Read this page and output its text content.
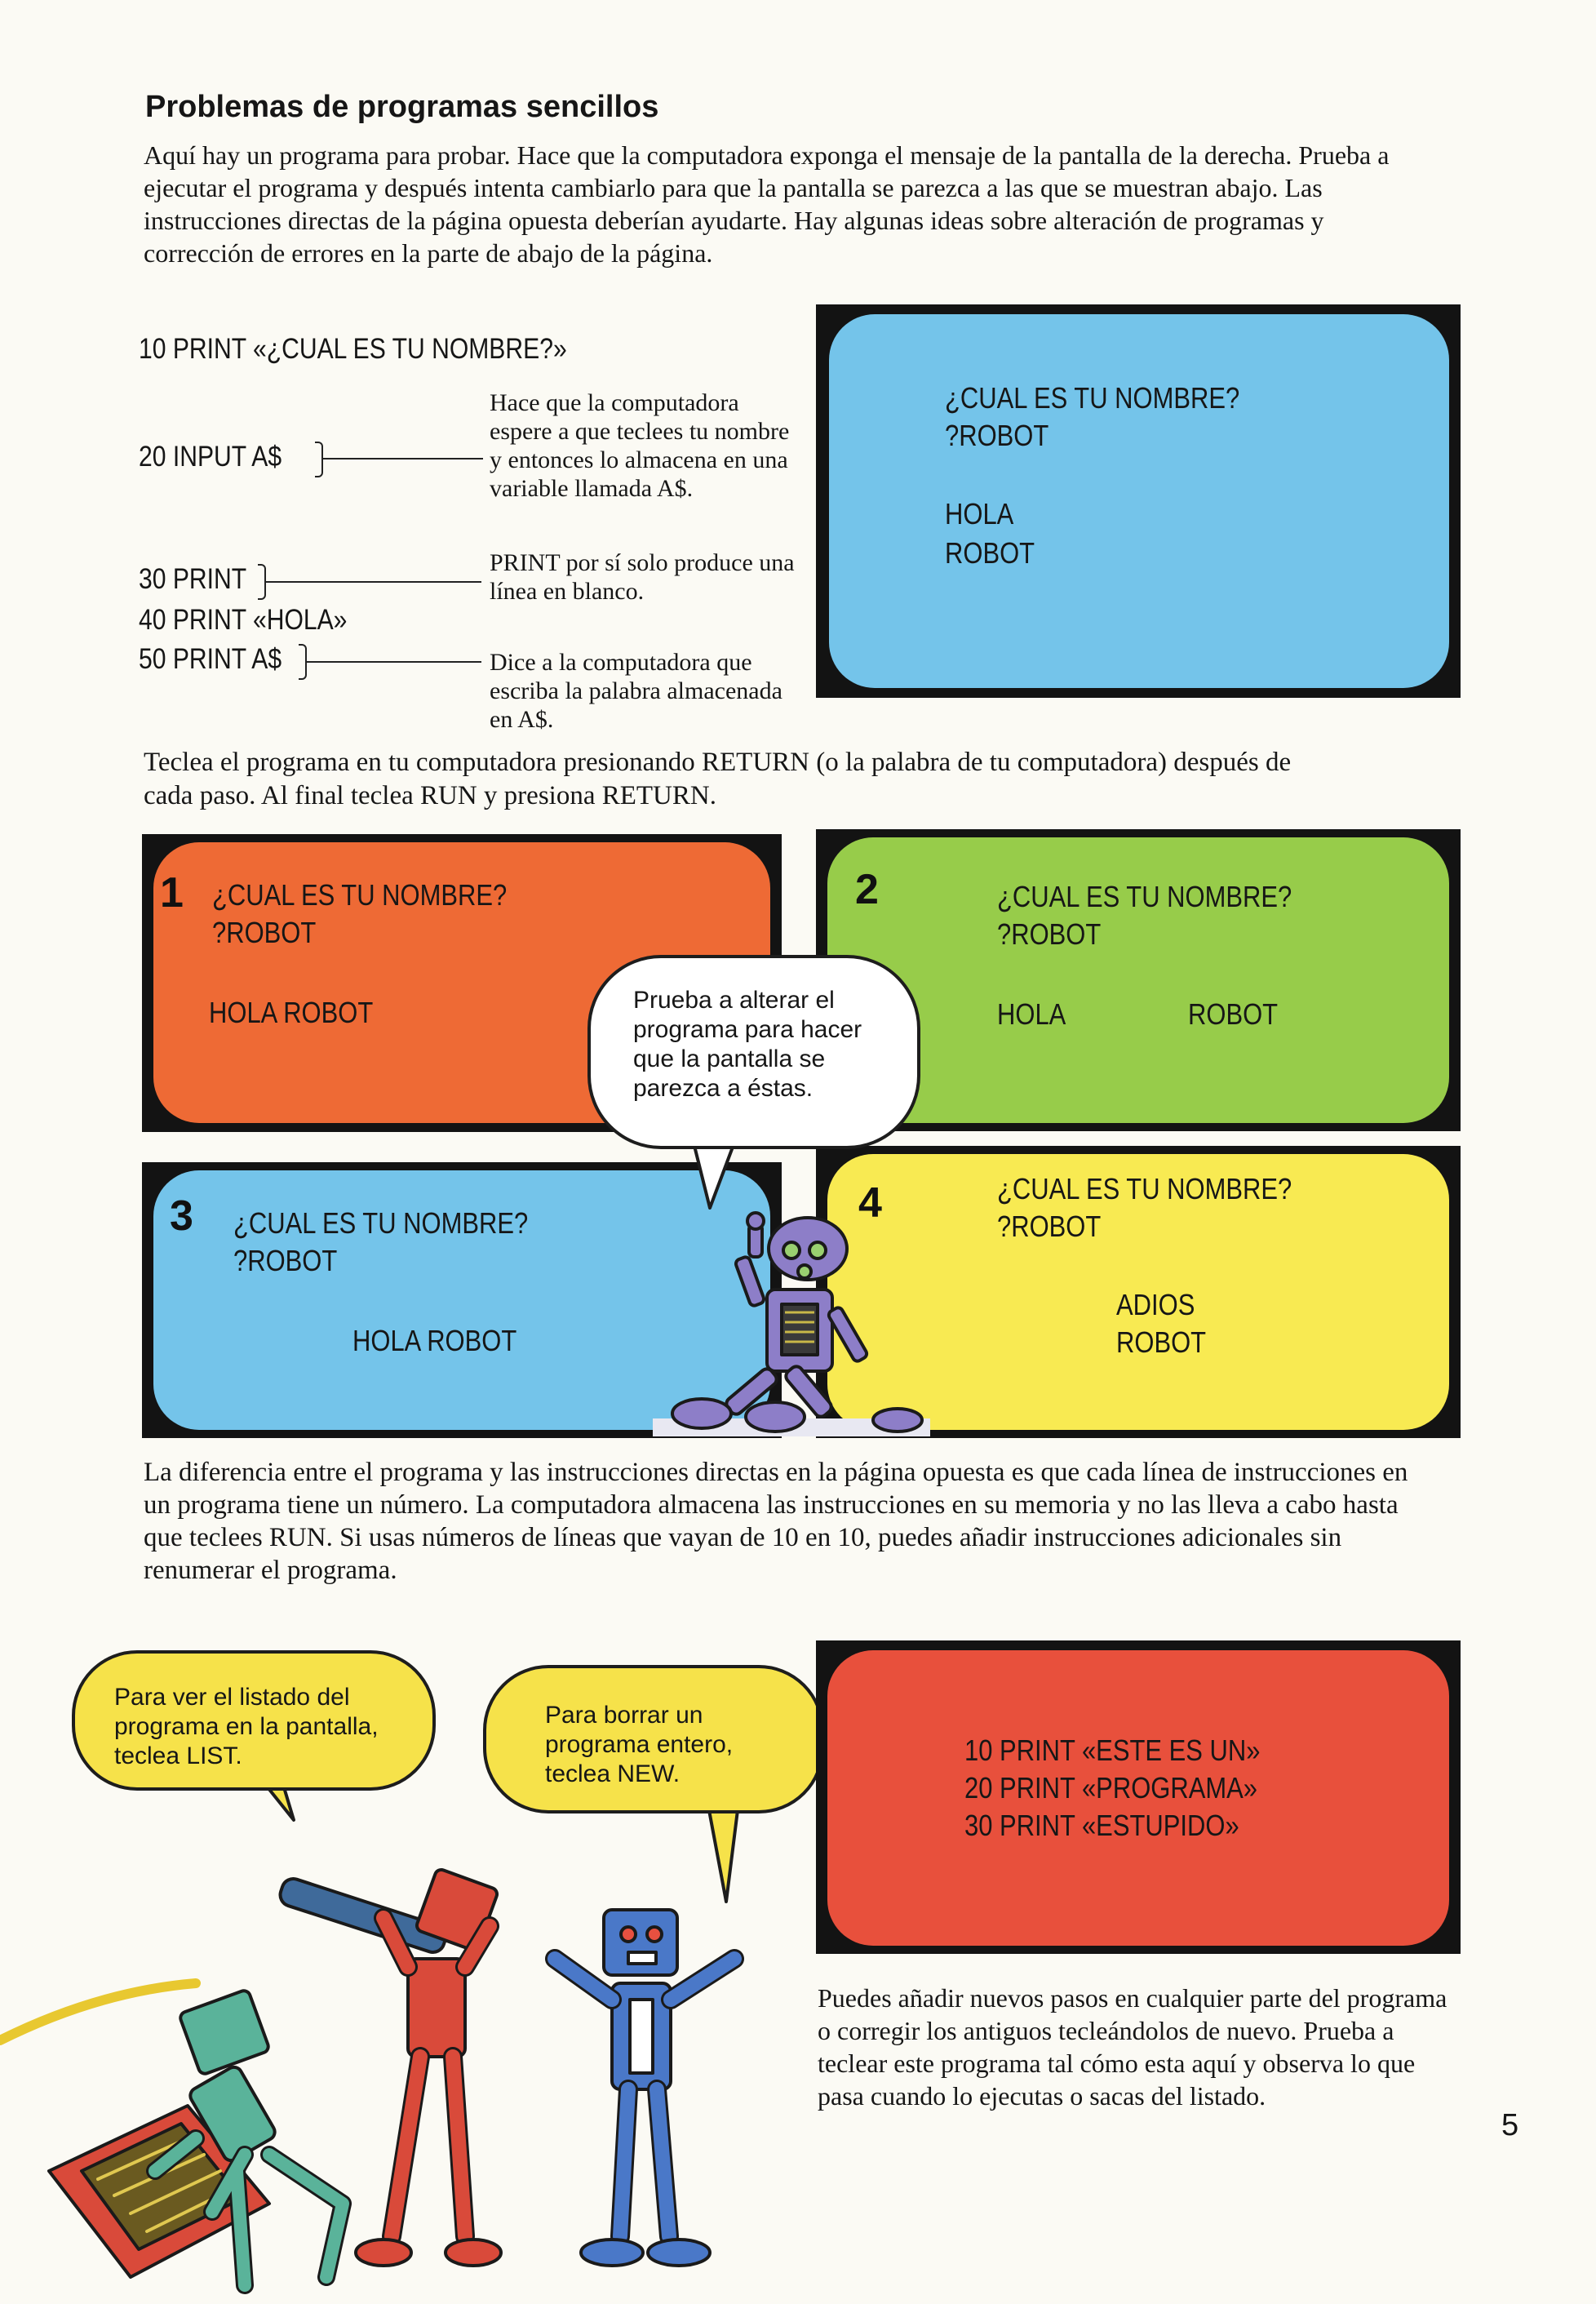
Problemas de programas sencillos
Aquí hay un programa para probar. Hace que la computadora exponga el mensaje de la pantalla de la derecha. Prueba a ejecutar el programa y después intenta cambiarlo para que la pantalla se parezca a las que se muestran abajo. Las instrucciones directas de la página opuesta deberían ayudarte. Hay algunas ideas sobre alteración de programas y corrección de errores en la parte de abajo de la página.
10 PRINT «¿CUAL ES TU NOMBRE?»
20 INPUT A$
Hace que la computadora espere a que teclees tu nombre y entonces lo almacena en una variable llamada A$.
30 PRINT
PRINT por sí solo produce una línea en blanco.
40 PRINT «HOLA»
50 PRINT A$	Dice a la computadora que escriba la palabra almacenada en A$.
¿CUAL ES TU NOMBRE?
?ROBOT
HOLA
ROBOT
Teclea el programa en tu computadora presionando RETURN (o la palabra de tu computadora) después de cada paso. Al final teclea RUN y presiona RETURN.
1 ¿CUAL ES TU NOMBRE?
?ROBOT
HOLA ROBOT
2	¿CUAL ES TU NOMBRE?
?ROBOT
HOLA	ROBOT
3 ¿CUAL ES TU NOMBRE?
?ROBOT
HOLA ROBOT
4	¿CUAL ES TU NOMBRE?
?ROBOT
ADIOS
ROBOT
Prueba a alterar el programa para hacer que la pantalla se parezca a éstas.
La diferencia entre el programa y las instrucciones directas en la página opuesta es que cada línea de instrucciones en un programa tiene un número. La computadora almacena las instrucciones en su memoria y no las lleva a cabo hasta que teclees RUN. Si usas números de líneas que vayan de 10 en 10, puedes añadir instrucciones adicionales sin renumerar el programa.
Para ver el listado del programa en la pantalla, teclea LIST.
Para borrar un programa entero, teclea NEW.
10 PRINT «ESTE ES UN»
20 PRINT «PROGRAMA»
30 PRINT «ESTUPIDO»
Puedes añadir nuevos pasos en cualquier parte del programa o corregir los antiguos tecleándolos de nuevo. Prueba a teclear este programa tal cómo esta aquí y observa lo que pasa cuando lo ejecutas o sacas del listado.
5
